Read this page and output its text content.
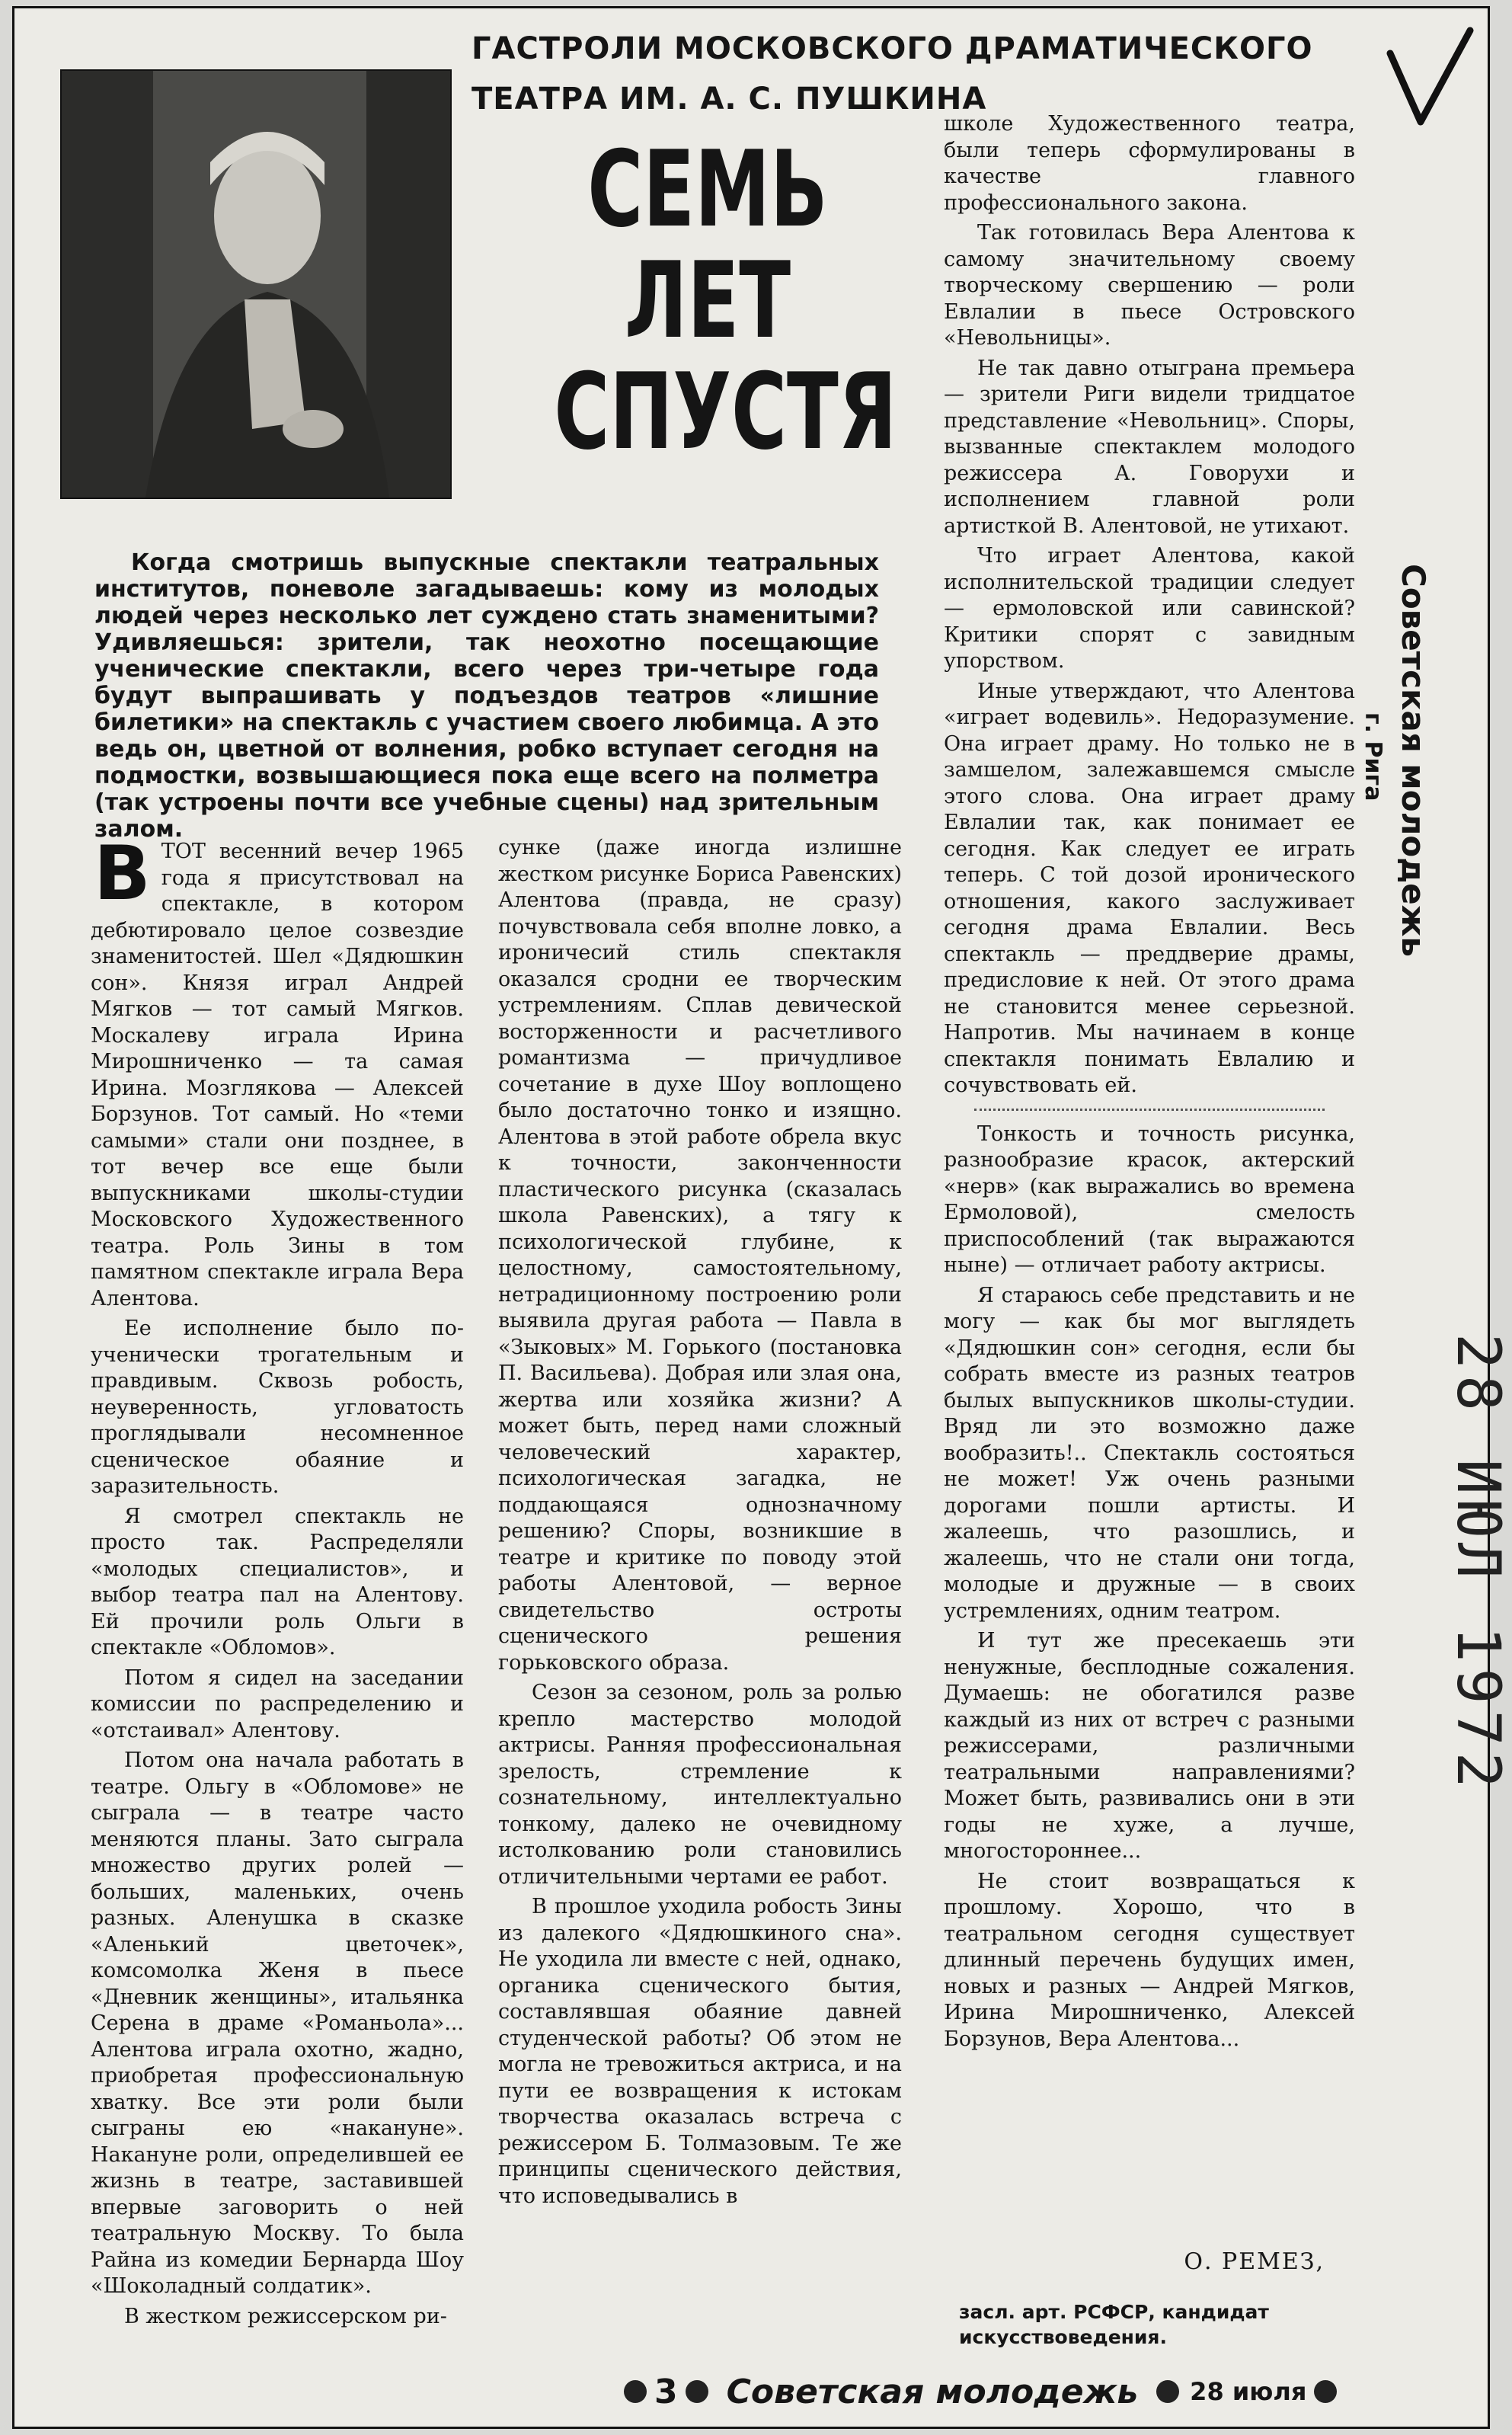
ГАСТРОЛИ МОСКОВСКОГО ДРАМАТИЧЕСКОГО
ТЕАТРА ИМ. А. С. ПУШКИНА
СЕМЬ
ЛЕТ
СПУСТЯ

Когда смотришь выпускные спектакли театральных институтов, поневоле загадываешь: кому из молодых людей через несколько лет суждено стать знаменитыми? Удивляешься: зрители, так неохотно посещающие ученические спектакли, всего через три-четыре года будут выпрашивать у подъездов театров «лишние билетики» на спектакль с участием своего любимца. А это ведь он, цветной от волнения, робко вступает сегодня на подмостки, возвышающиеся пока еще всего на полметра (так устроены почти все учебные сцены) над зрительным залом.

ВТОТ весенний вечер 1965 года я присутствовал на спектакле, в котором дебютировало целое созвездие знаменитостей. Шел «Дядюшкин сон». Князя играл Андрей Мягков — тот самый Мягков. Москалеву играла Ирина Мирошниченко — та самая Ирина. Мозглякова — Алексей Борзунов. Тот самый. Но «теми самыми» стали они позднее, в тот вечер все еще были выпускниками школы-студии Московского Художественного театра. Роль Зины в том памятном спектакле играла Вера Алентова.

Ее исполнение было по-ученически трогательным и правдивым. Сквозь робость, неуверенность, угловатость проглядывали несомненное сценическое обаяние и заразительность.

Я смотрел спектакль не просто так. Распределяли «молодых специалистов», и выбор театра пал на Алентову. Ей прочили роль Ольги в спектакле «Обломов».

Потом я сидел на заседании комиссии по распределению и «отстаивал» Алентову.

Потом она начала работать в театре. Ольгу в «Обломове» не сыграла — в театре часто меняются планы. Зато сыграла множество других ролей — больших, маленьких, очень разных. Аленушка в сказке «Аленький цветочек», комсомолка Женя в пьесе «Дневник женщины», итальянка Серена в драме «Романьола»... Алентова играла охотно, жадно, приобретая профессиональную хватку. Все эти роли были сыграны ею «накануне». Накануне роли, определившей ее жизнь в театре, заставившей впервые заговорить о ней театральную Москву. То была Райна из комедии Бернарда Шоу «Шоколадный солдатик».

В жестком режиссерском ри-

сунке (даже иногда излишне жестком рисунке Бориса Равенских) Алентова (правда, не сразу) почувствовала себя вполне ловко, а ироничесий стиль спектакля оказался сродни ее творческим устремлениям. Сплав девической восторженности и расчетливого романтизма — причудливое сочетание в духе Шоу воплощено было достаточно тонко и изящно. Алентова в этой работе обрела вкус к точности, законченности пластического рисунка (сказалась школа Равенских), а тягу к психологической глубине, к целостному, самостоятельному, нетрадиционному построению роли выявила другая работа — Павла в «Зыковых» М. Горького (постановка П. Васильева). Добрая или злая она, жертва или хозяйка жизни? А может быть, перед нами сложный человеческий характер, психологическая загадка, не поддающаяся однозначному решению? Споры, возникшие в театре и критике по поводу этой работы Алентовой, — верное свидетельство остроты сценического решения горьковского образа.

Сезон за сезоном, роль за ролью крепло мастерство молодой актрисы. Ранняя профессиональная зрелость, стремление к сознательному, интеллектуально тонкому, далеко не очевидному истолкованию роли становились отличительными чертами ее работ.

В прошлое уходила робость Зины из далекого «Дядюшкиного сна». Не уходила ли вместе с ней, однако, органика сценического бытия, составлявшая обаяние давней студенческой работы? Об этом не могла не тревожиться актриса, и на пути ее возвращения к истокам творчества оказалась встреча с режиссером Б. Толмазовым. Те же принципы сценического действия, что исповедывались в

школе Художественного театра, были теперь сформулированы в качестве главного профессионального закона.

Так готовилась Вера Алентова к самому значительному своему творческому свершению — роли Евлалии в пьесе Островского «Невольницы».

Не так давно отыграна премьера — зрители Риги видели тридцатое представление «Невольниц». Споры, вызванные спектаклем молодого режиссера А. Говорухи и исполнением главной роли артисткой В. Алентовой, не утихают.

Что играет Алентова, какой исполнительской традиции следует — ермоловской или савинской? Критики спорят с завидным упорством.

Иные утверждают, что Алентова «играет водевиль». Недоразумение. Она играет драму. Но только не в замшелом, залежавшемся смысле этого слова. Она играет драму Евлалии так, как понимает ее сегодня. Как следует ее играть теперь. С той дозой иронического отношения, какого заслуживает сегодня драма Евлалии. Весь спектакль — преддверие драмы, предисловие к ней. От этого драма не становится менее серьезной. Напротив. Мы начинаем в конце спектакля понимать Евлалию и сочувствовать ей.

Тонкость и точность рисунка, разнообразие красок, актерский «нерв» (как выражались во времена Ермоловой), смелость приспособлений (так выражаются ныне) — отличает работу актрисы.

Я стараюсь себе представить и не могу — как бы мог выглядеть «Дядюшкин сон» сегодня, если бы собрать вместе из разных театров былых выпускников школы-студии. Вряд ли это возможно даже вообразить!.. Спектакль состояться не может! Уж очень разными дорогами пошли артисты. И жалеешь, что разошлись, и жалеешь, что не стали они тогда, молодые и дружные — в своих устремлениях, одним театром.

И тут же пресекаешь эти ненужные, бесплодные сожаления. Думаешь: не обогатился разве каждый из них от встреч с разными режиссерами, различными театральными направлениями? Может быть, развивались они в эти годы не хуже, а лучше, многостороннее...

Не стоит возвращаться к прошлому. Хорошо, что в театральном сегодня существует длинный перечень будущих имен, новых и разных — Андрей Мягков, Ирина Мирошниченко, Алексей Борзунов, Вера Алентова...

О. РЕМЕЗ,
засл. арт. РСФСР, кандидат искусствоведения.
3 Советская молодежь 28 июля
Советская молодежь
г. Рига
28 ИЮЛ 1972
